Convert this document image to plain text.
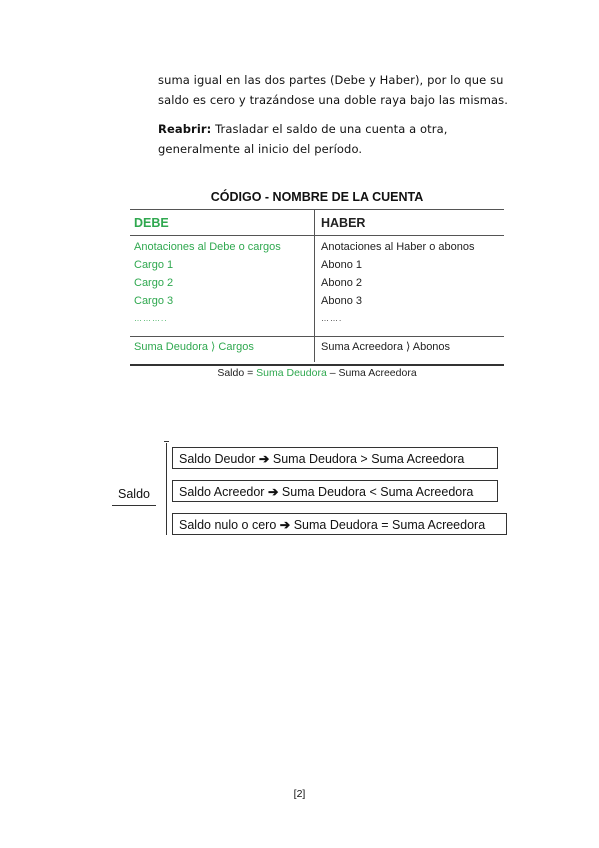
suma igual en las dos partes (Debe y Haber), por lo que su saldo es cero y trazándose una doble raya bajo las mismas.
Reabrir: Trasladar el saldo de una cuenta a otra, generalmente al inicio del período.
CÓDIGO - NOMBRE DE LA CUENTA
DEBE
Anotaciones al Debe o cargos
Cargo 1
Cargo 2
Cargo 3
………..
Suma Deudora ⟩ Cargos
HABER
Anotaciones al Haber o abonos
Abono 1
Abono 2
Abono 3
…….
Suma Acreedora ⟩ Abonos
Saldo = Suma Deudora – Suma Acreedora
Saldo
Saldo Deudor ➔ Suma Deudora > Suma Acreedora
Saldo Acreedor ➔ Suma Deudora < Suma Acreedora
Saldo nulo o cero ➔ Suma Deudora = Suma Acreedora
[2]
